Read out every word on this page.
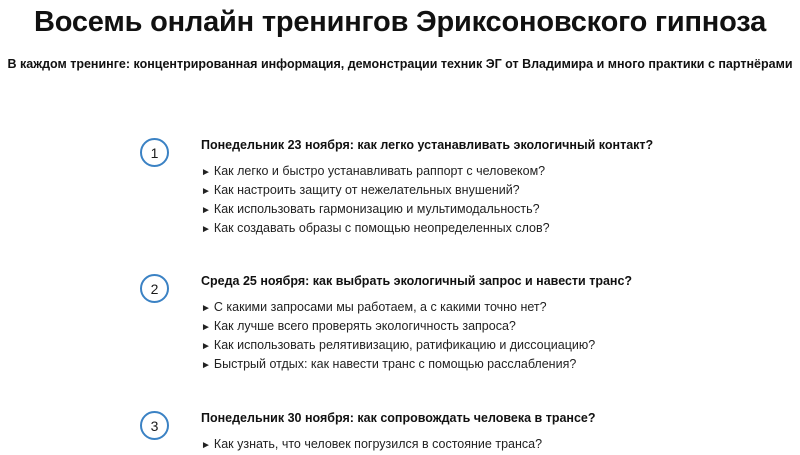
Восемь онлайн тренингов Эриксоновского гипноза
В каждом тренинге: концентрированная информация, демонстрации техник ЭГ от Владимира и много практики с партнёрами
1	Понедельник 23 ноября: как легко устанавливать экологичный контакт?
► Как легко и быстро устанавливать раппорт с человеком?
► Как настроить защиту от нежелательных внушений?
► Как использовать гармонизацию и мультимодальность?
► Как создавать образы с помощью неопределенных слов?
2	Среда 25 ноября: как выбрать экологичный запрос и навести транс?
► С какими запросами мы работаем, а с какими точно нет?
► Как лучше всего проверять экологичность запроса?
► Как использовать релятивизацию, ратификацию и диссоциацию?
► Быстрый отдых: как навести транс с помощью расслабления?
3	Понедельник 30 ноября: как сопровождать человека в трансе?
► Как узнать, что человек погрузился в состояние транса?
